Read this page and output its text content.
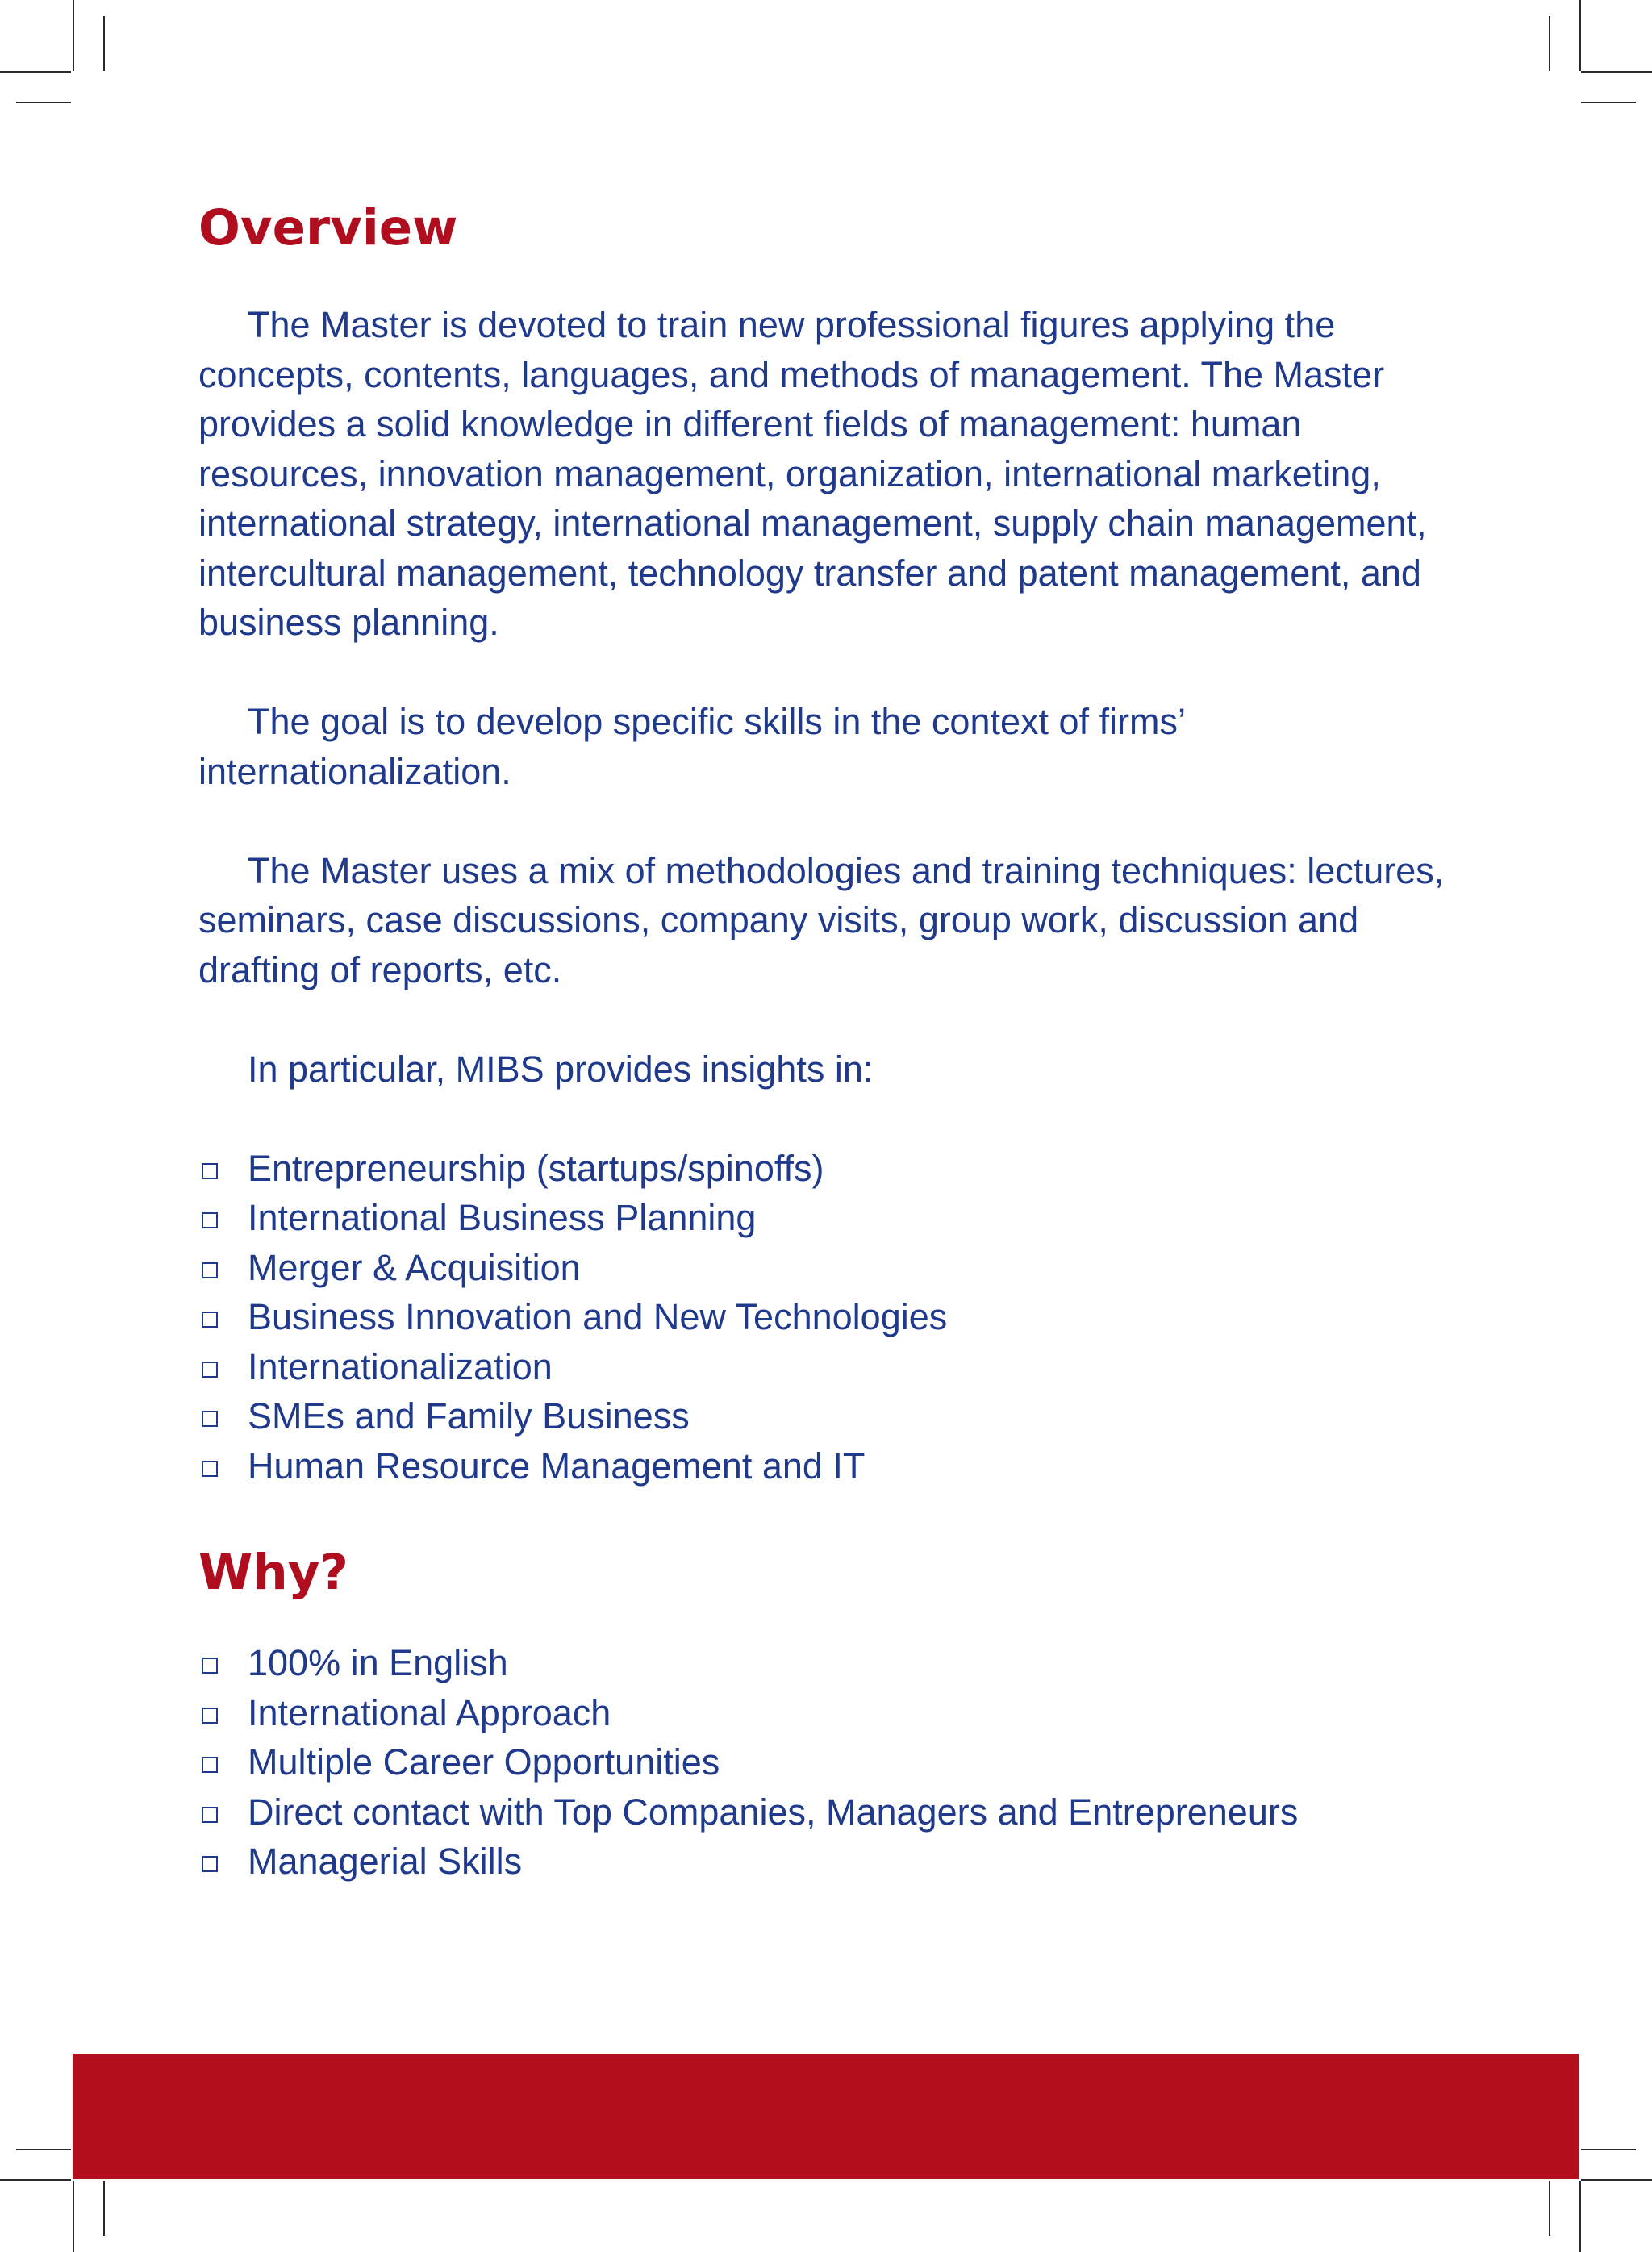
Overview

The Master is devoted to train new professional figures applying the concepts, contents, languages, and methods of management. The Master provides a solid knowledge in different fields of management: human resources, innovation management, organization, international marketing, international strategy, international management, supply chain management, intercultural management, technology transfer and patent management, and business planning.

The goal is to develop specific skills in the context of firms’ internationalization.

The Master uses a mix of methodologies and training techniques: lectures, seminars, case discussions, company visits, group work, discussion and drafting of reports, etc.

In particular, MIBS provides insights in:

Entrepreneurship (startups/spinoffs)
International Business Planning
Merger & Acquisition
Business Innovation and New Technologies
Internationalization
SMEs and Family Business
Human Resource Management and IT
Why?
100% in English
International Approach
Multiple Career Opportunities
Direct contact with Top Companies, Managers and Entrepreneurs
Managerial Skills
